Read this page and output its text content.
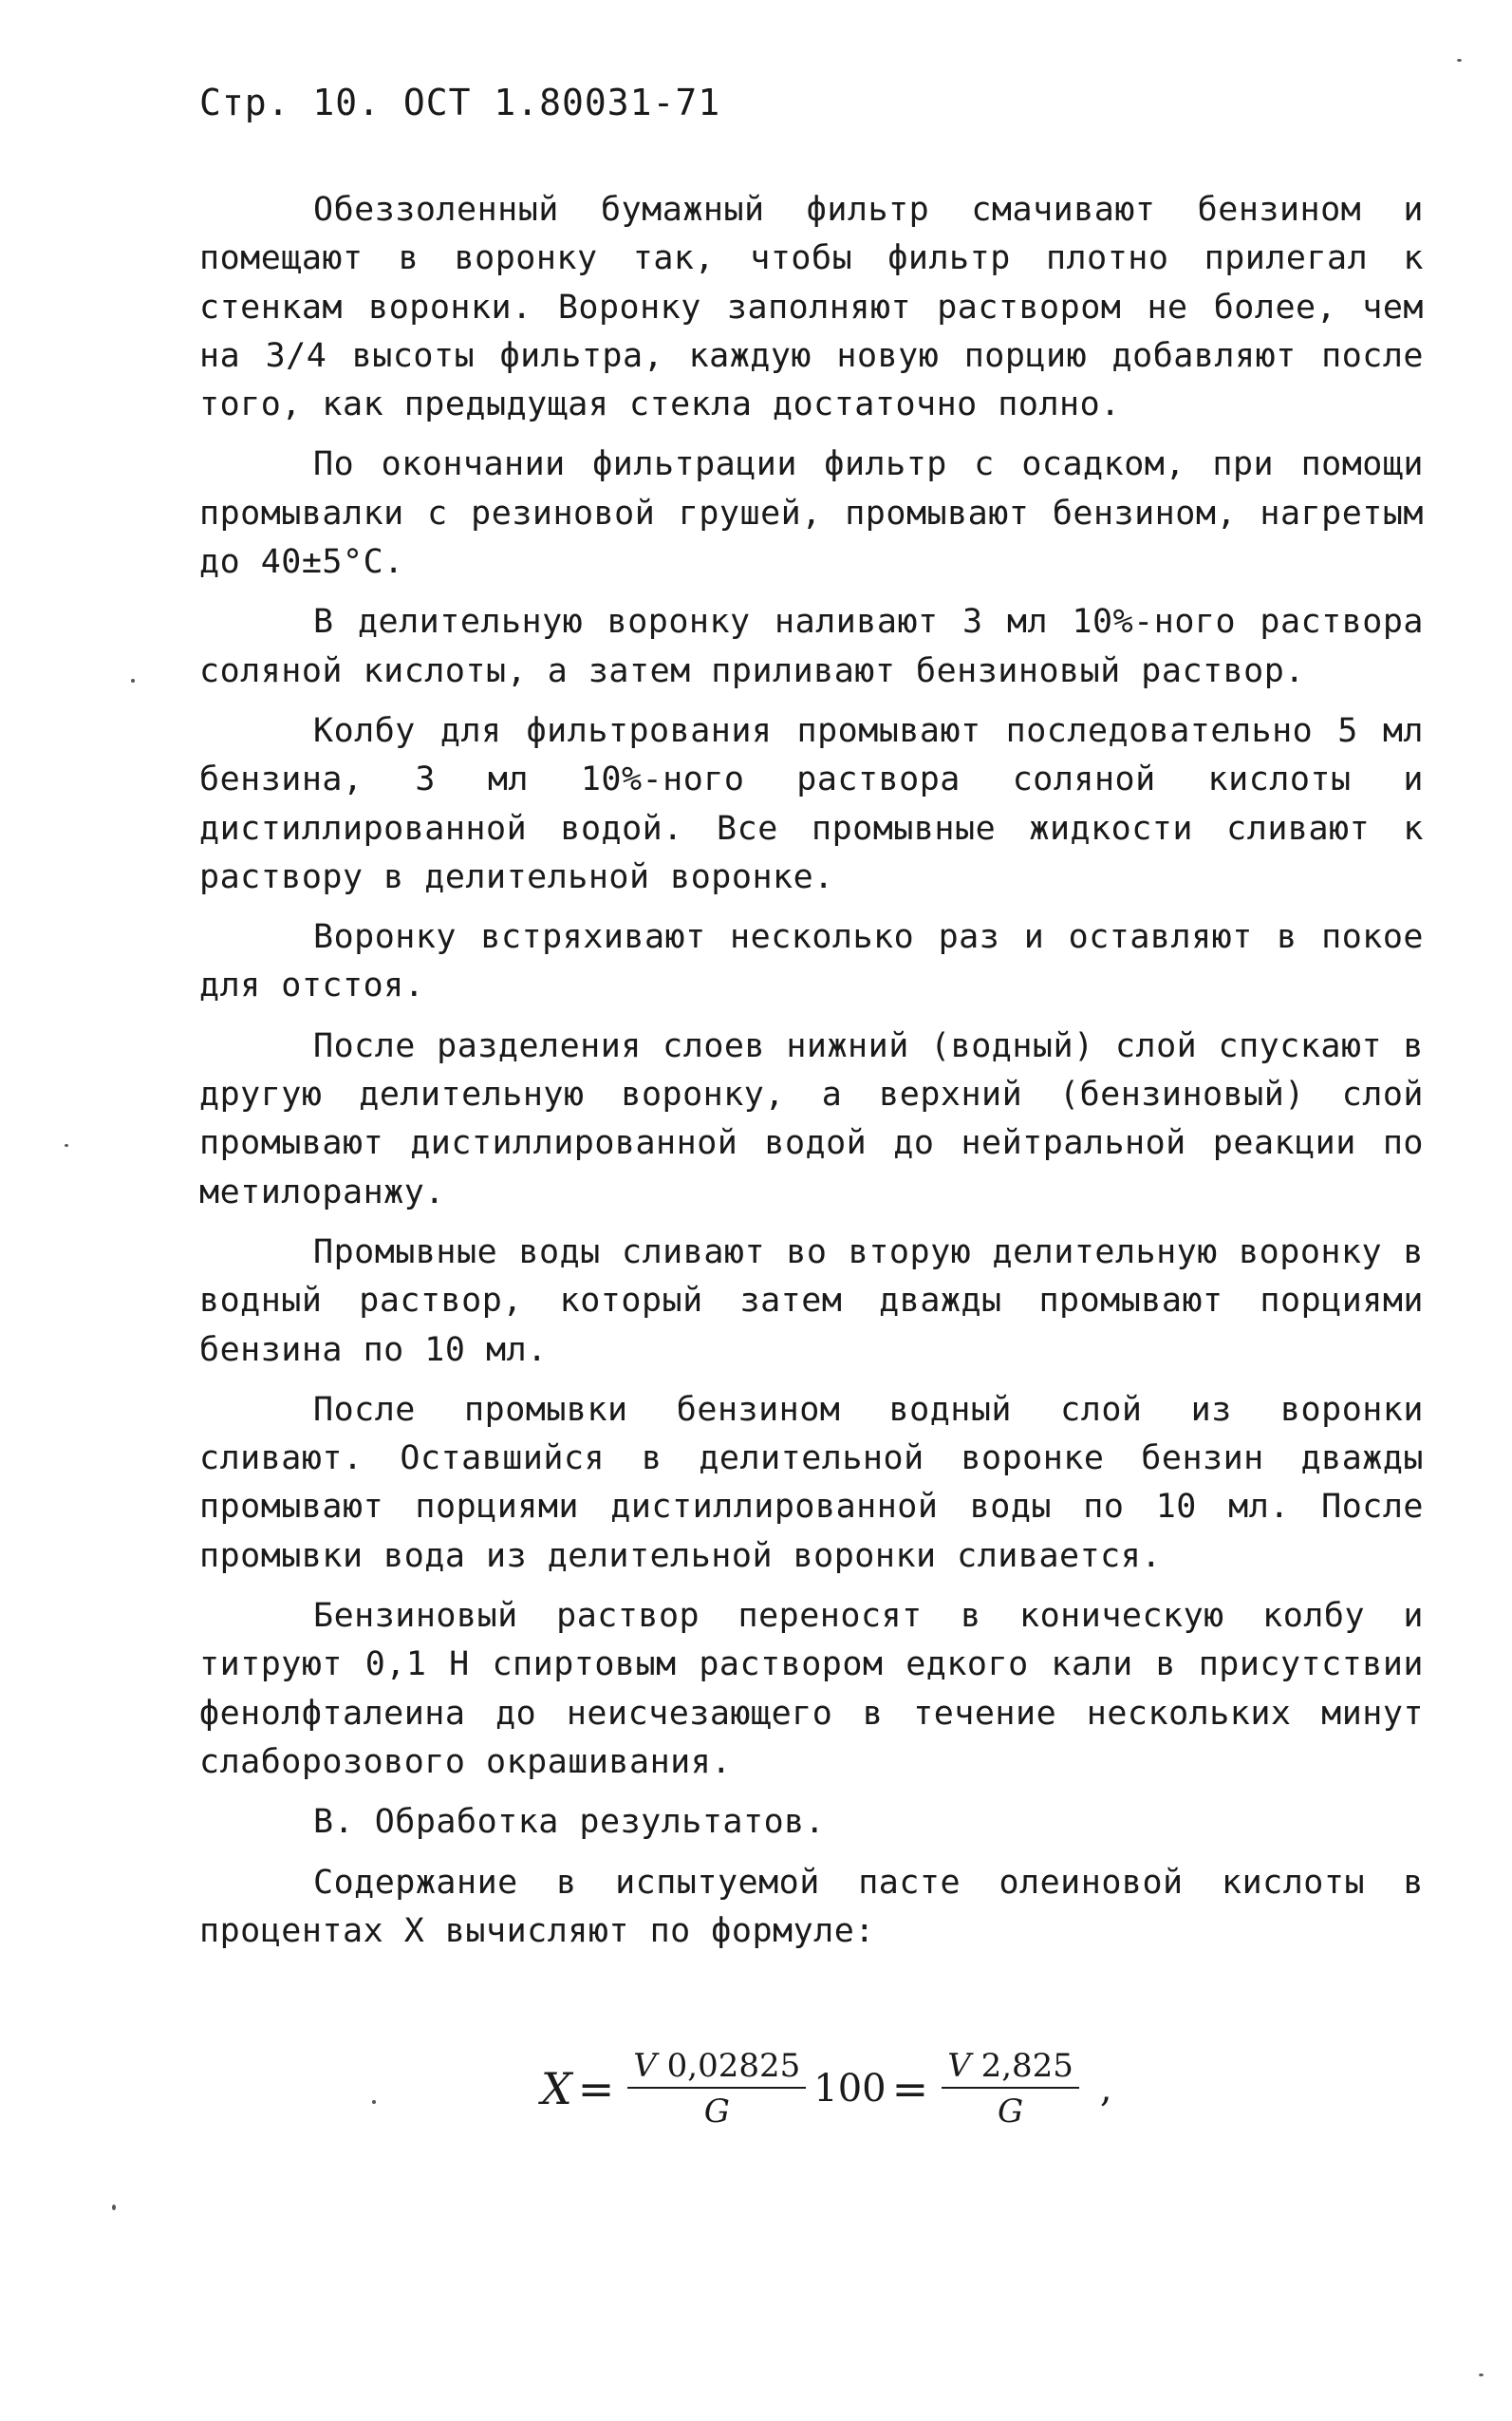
Стр. 10. ОСТ 1.80031-71

Обеззоленный бумажный фильтр смачивают бензином и помещают в воронку так, чтобы фильтр плотно прилегал к стенкам воронки. Воронку заполняют раствором не более, чем на 3/4 высоты фильтра, каждую новую порцию добавляют после того, как предыдущая стекла достаточно полно.

По окончании фильтрации фильтр с осадком, при помощи промывалки с резиновой грушей, промывают бензином, нагретым до 40±5°С.

В делительную воронку наливают 3 мл 10%-ного раствора соляной кислоты, а затем приливают бензиновый раствор.

Колбу для фильтрования промывают последовательно 5 мл бензина, 3 мл 10%-ного раствора соляной кислоты и дистиллированной водой. Все промывные жидкости сливают к раствору в делительной воронке.

Воронку встряхивают несколько раз и оставляют в покое для отстоя.

После разделения слоев нижний (водный) слой спускают в другую делительную воронку, а верхний (бензиновый) слой промывают дистиллированной водой до нейтральной реакции по метилоранжу.

Промывные воды сливают во вторую делительную воронку в водный раствор, который затем дважды промывают порциями бензина по 10 мл.

После промывки бензином водный слой из воронки сливают. Оставшийся в делительной воронке бензин дважды промывают порциями дистиллированной воды по 10 мл. После промывки вода из делительной воронки сливается.

Бензиновый раствор переносят в коническую колбу и титруют 0,1 Н спиртовым раствором едкого кали в присутствии фенолфталеина до неисчезающего в течение нескольких минут слаборозового окрашивания.

В. Обработка результатов.

Содержание в испытуемой пасте олеиновой кислоты в процентах Х вычисляют по формуле:

$X = \frac{V 0,02825}{G} 100 = \frac{V 2,825}{G}$ ,
